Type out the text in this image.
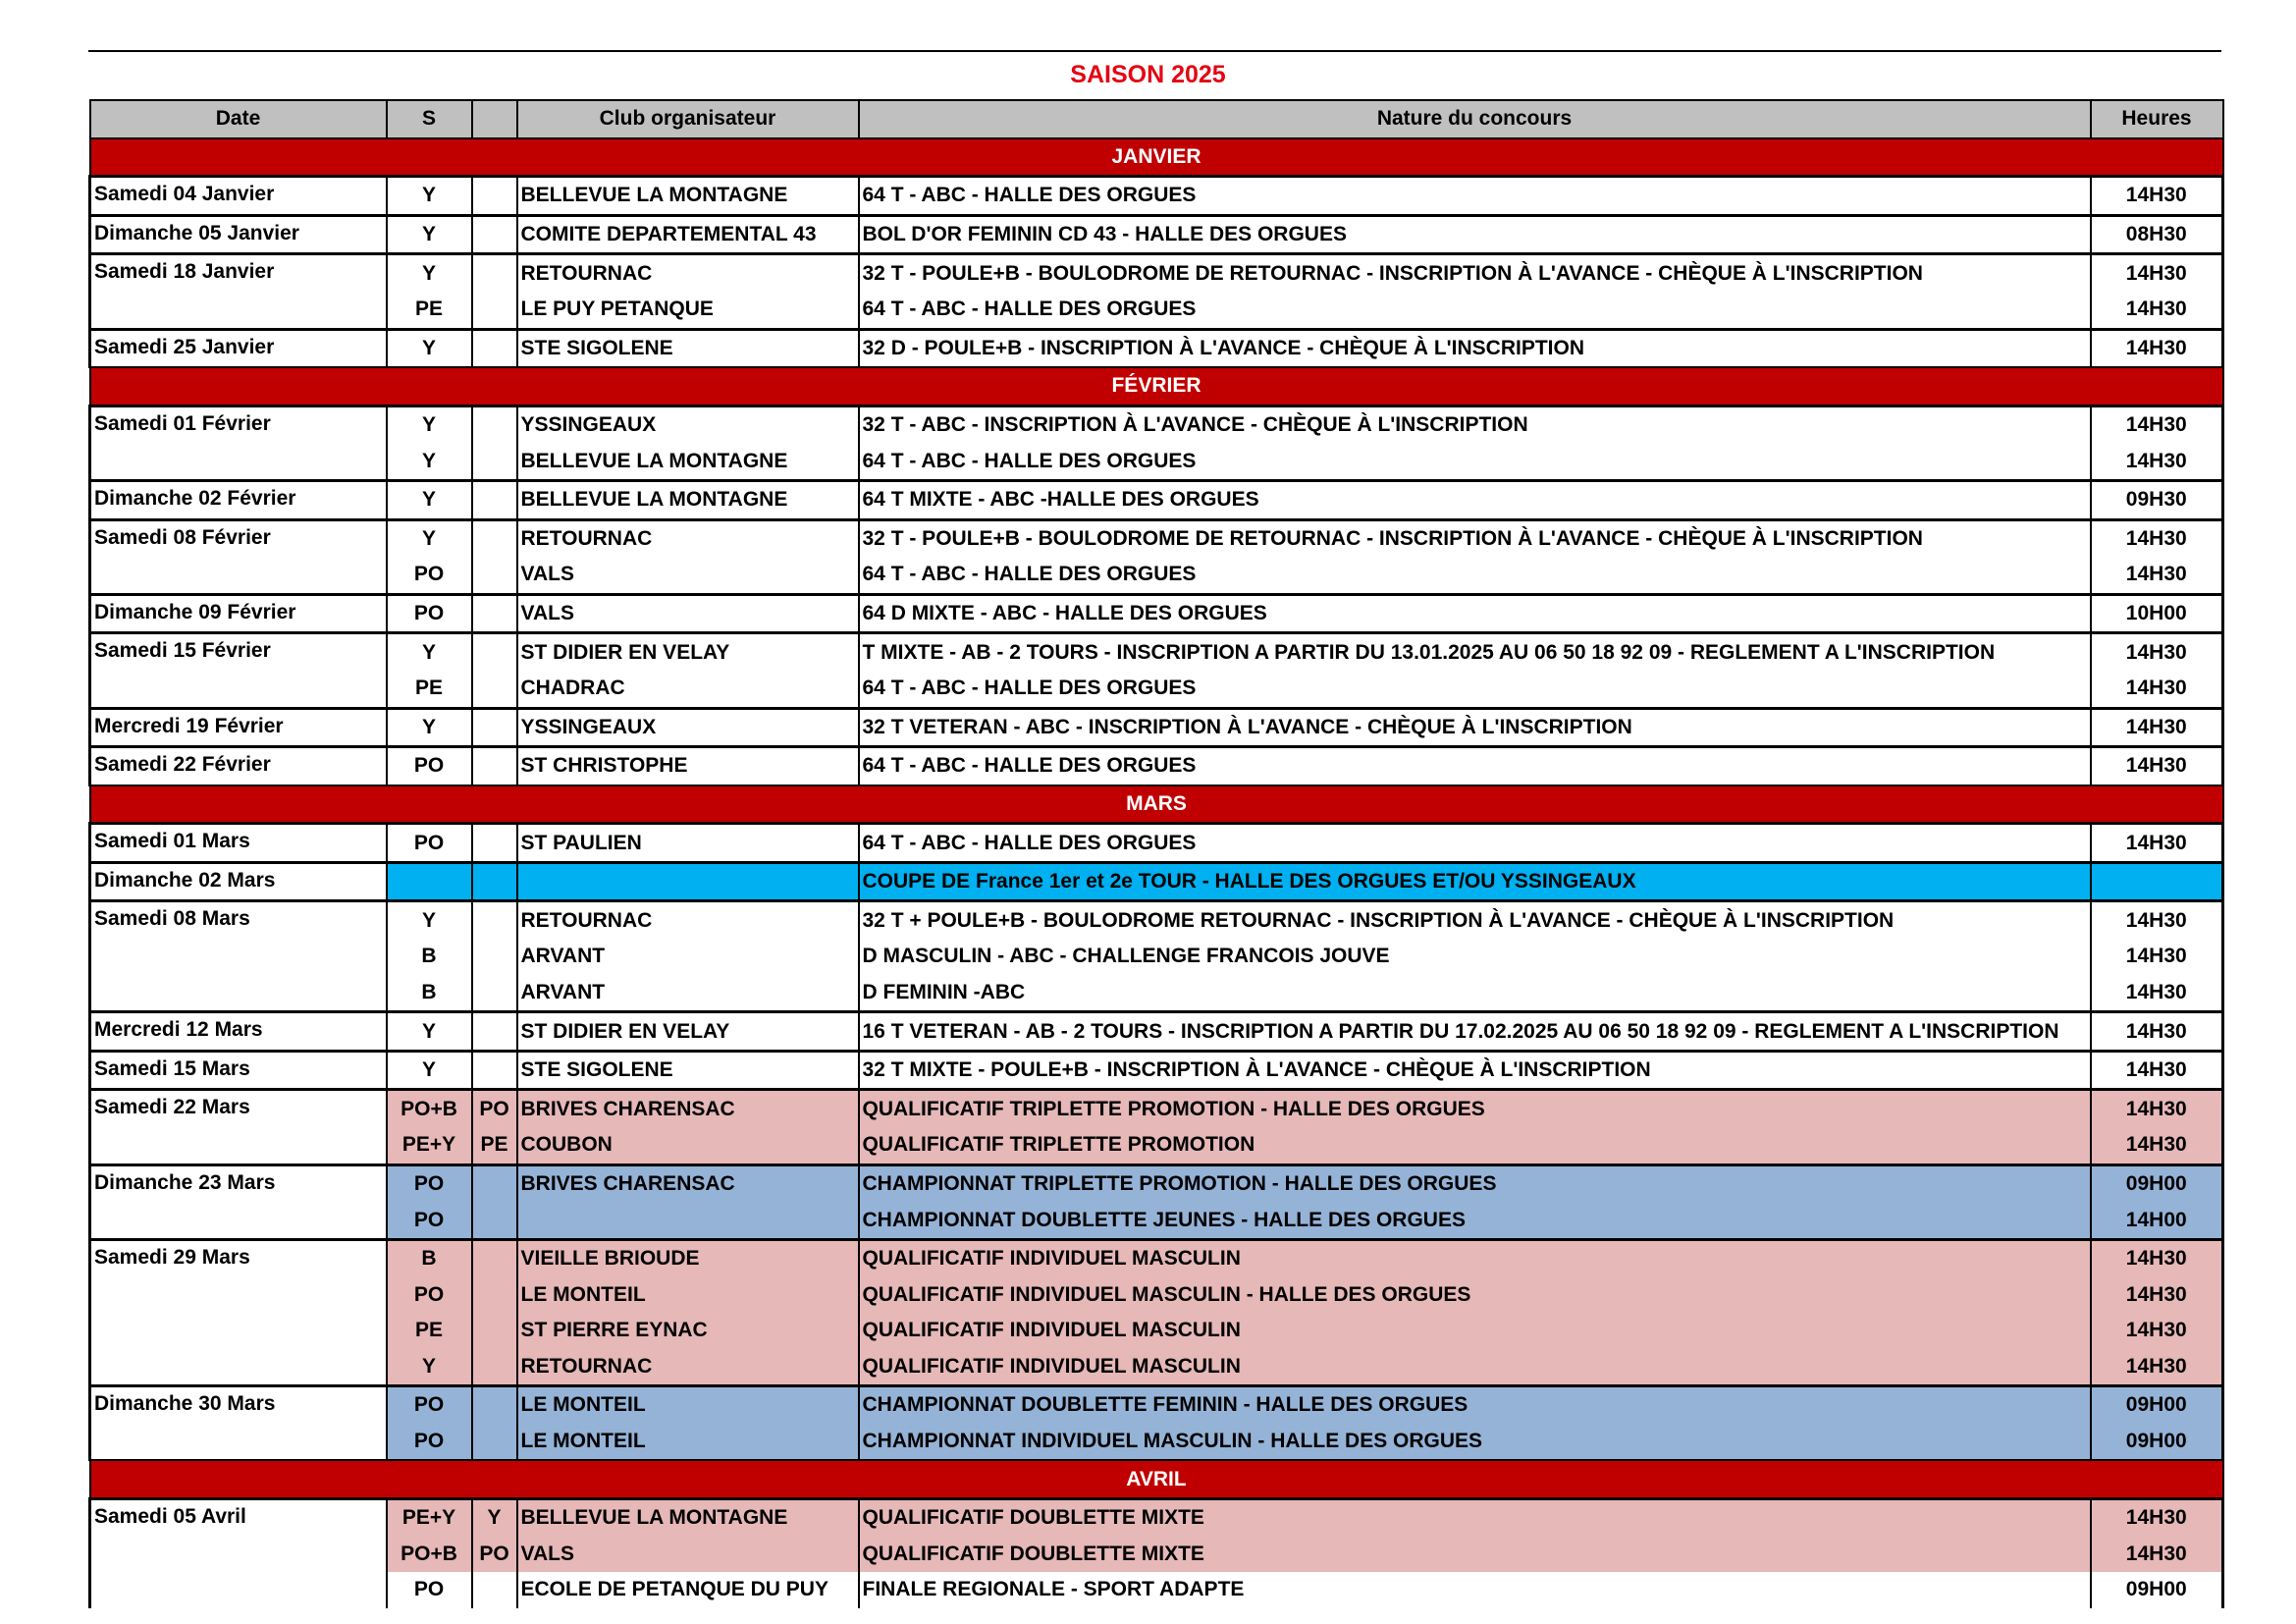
SAISON 2025
Date	S		Club organisateur	Nature du concours	Heures
JANVIER					
Samedi 04 Janvier	Y		BELLEVUE LA MONTAGNE	64 T - ABC - HALLE DES ORGUES	14H30
Dimanche 05 Janvier	Y		COMITE DEPARTEMENTAL 43	BOL D'OR FEMININ CD 43 - HALLE DES ORGUES	08H30
Samedi 18 Janvier	Y		RETOURNAC	32 T - POULE+B - BOULODROME DE RETOURNAC - INSCRIPTION À L'AVANCE - CHÈQUE À L'INSCRIPTION	14H30
	PE		LE PUY PETANQUE	64 T - ABC - HALLE DES ORGUES	14H30
Samedi 25 Janvier	Y		STE SIGOLENE	32 D - POULE+B - INSCRIPTION À L'AVANCE - CHÈQUE À L'INSCRIPTION	14H30
FÉVRIER					
Samedi 01 Février	Y		YSSINGEAUX	32 T - ABC - INSCRIPTION À L'AVANCE - CHÈQUE À L'INSCRIPTION	14H30
	Y		BELLEVUE LA MONTAGNE	64 T - ABC - HALLE DES ORGUES	14H30
Dimanche 02 Février	Y		BELLEVUE LA MONTAGNE	64 T MIXTE - ABC -HALLE DES ORGUES	09H30
Samedi 08 Février	Y		RETOURNAC	32 T - POULE+B - BOULODROME DE RETOURNAC - INSCRIPTION À L'AVANCE - CHÈQUE À L'INSCRIPTION	14H30
	PO		VALS	64 T - ABC - HALLE DES ORGUES	14H30
Dimanche 09 Février	PO		VALS	64 D MIXTE - ABC - HALLE DES ORGUES	10H00
Samedi 15 Février	Y		ST DIDIER EN VELAY	T MIXTE - AB - 2 TOURS - INSCRIPTION A PARTIR DU 13.01.2025 AU 06 50 18 92 09 - REGLEMENT A L'INSCRIPTION	14H30
	PE		CHADRAC	64 T - ABC - HALLE DES ORGUES	14H30
Mercredi 19 Février	Y		YSSINGEAUX	32 T VETERAN - ABC - INSCRIPTION À L'AVANCE - CHÈQUE À L'INSCRIPTION	14H30
Samedi 22 Février	PO		ST CHRISTOPHE	64 T - ABC - HALLE DES ORGUES	14H30
MARS					
Samedi 01 Mars	PO		ST PAULIEN	64 T - ABC - HALLE DES ORGUES	14H30
Dimanche 02 Mars				COUPE DE France 1er et 2e TOUR - HALLE DES ORGUES ET/OU YSSINGEAUX	
Samedi 08 Mars	Y		RETOURNAC	32 T + POULE+B - BOULODROME RETOURNAC - INSCRIPTION À L'AVANCE - CHÈQUE À L'INSCRIPTION	14H30
	B		ARVANT	D MASCULIN - ABC - CHALLENGE FRANCOIS JOUVE	14H30
	B		ARVANT	D FEMININ -ABC	14H30
Mercredi 12 Mars	Y		ST DIDIER EN VELAY	16 T VETERAN - AB - 2 TOURS - INSCRIPTION A PARTIR DU 17.02.2025 AU 06 50 18 92 09 - REGLEMENT A L'INSCRIPTION	14H30
Samedi 15 Mars	Y		STE SIGOLENE	32 T MIXTE - POULE+B - INSCRIPTION À L'AVANCE - CHÈQUE À L'INSCRIPTION	14H30
Samedi 22 Mars	PO+B	PO	BRIVES CHARENSAC	QUALIFICATIF TRIPLETTE PROMOTION - HALLE DES ORGUES	14H30
	PE+Y	PE	COUBON	QUALIFICATIF TRIPLETTE PROMOTION	14H30
Dimanche 23 Mars	PO		BRIVES CHARENSAC	CHAMPIONNAT TRIPLETTE PROMOTION - HALLE DES ORGUES	09H00
	PO			CHAMPIONNAT DOUBLETTE JEUNES - HALLE DES ORGUES	14H00
Samedi 29 Mars	B		VIEILLE BRIOUDE	QUALIFICATIF INDIVIDUEL MASCULIN	14H30
	PO		LE MONTEIL	QUALIFICATIF INDIVIDUEL MASCULIN - HALLE DES ORGUES	14H30
	PE		ST PIERRE EYNAC	QUALIFICATIF INDIVIDUEL MASCULIN	14H30
	Y		RETOURNAC	QUALIFICATIF INDIVIDUEL MASCULIN	14H30
Dimanche 30 Mars	PO		LE MONTEIL	CHAMPIONNAT DOUBLETTE FEMININ - HALLE DES ORGUES	09H00
	PO		LE MONTEIL	CHAMPIONNAT INDIVIDUEL MASCULIN - HALLE DES ORGUES	09H00
AVRIL					
Samedi 05 Avril	PE+Y	Y	BELLEVUE LA MONTAGNE	QUALIFICATIF DOUBLETTE MIXTE	14H30
	PO+B	PO	VALS	QUALIFICATIF DOUBLETTE MIXTE	14H30
	PO		ECOLE DE PETANQUE DU PUY	FINALE REGIONALE - SPORT ADAPTE	09H00
